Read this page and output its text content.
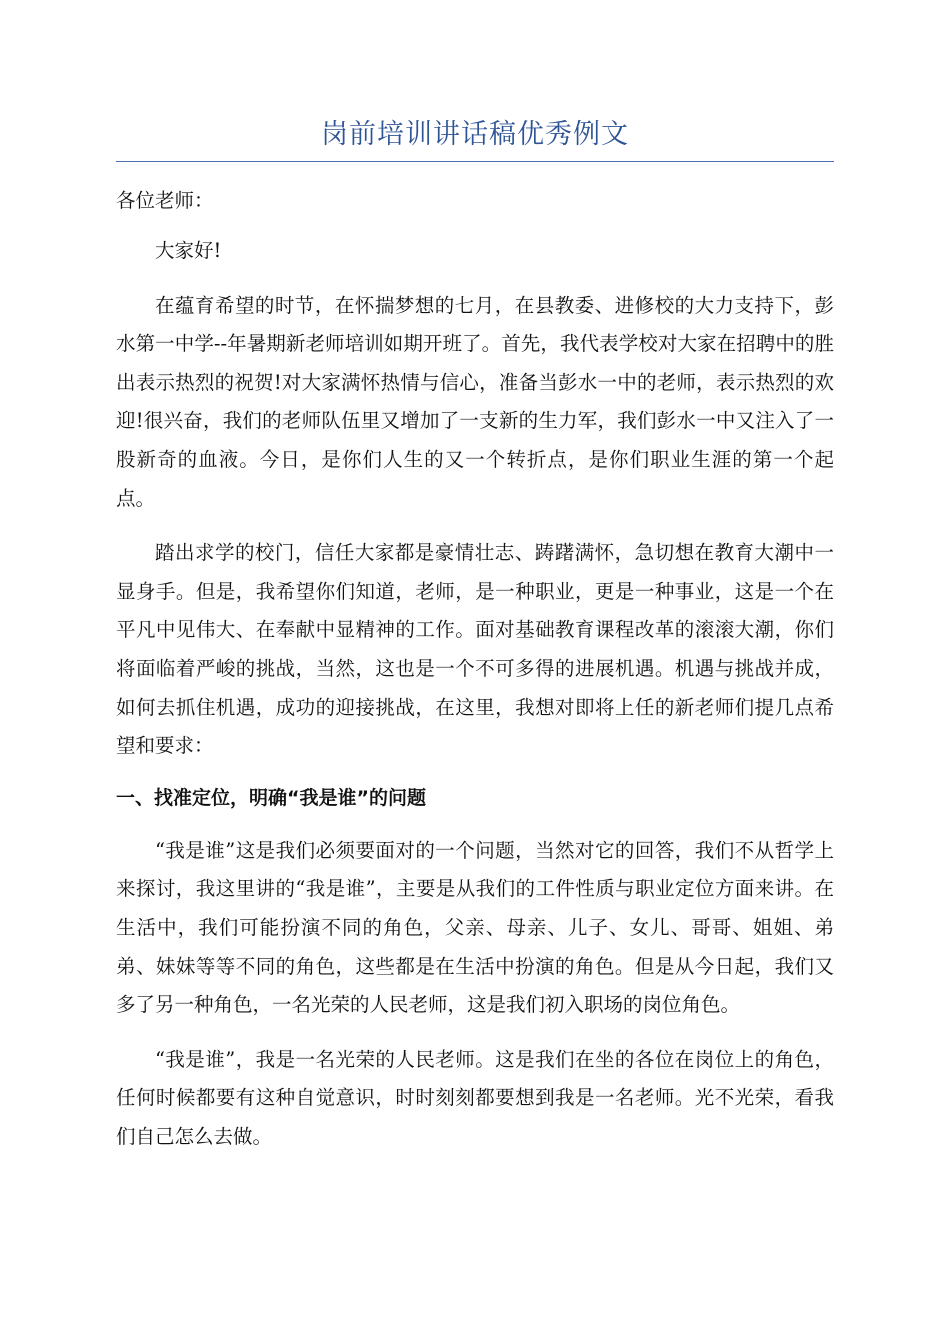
岗前培训讲话稿优秀例文

各位老师：

大家好!

在蕴育希望的时节，在怀揣梦想的七月，在县教委、进修校的大力支持下，彭水第一中学--年暑期新老师培训如期开班了。首先，我代表学校对大家在招聘中的胜出表示热烈的祝贺!对大家满怀热情与信心，准备当彭水一中的老师，表示热烈的欢迎!很兴奋，我们的老师队伍里又增加了一支新的生力军，我们彭水一中又注入了一股新奇的血液。今日，是你们人生的又一个转折点，是你们职业生涯的第一个起点。

踏出求学的校门，信任大家都是豪情壮志、踌躇满怀，急切想在教育大潮中一显身手。但是，我希望你们知道，老师，是一种职业，更是一种事业，这是一个在平凡中见伟大、在奉献中显精神的工作。面对基础教育课程改革的滚滚大潮，你们将面临着严峻的挑战，当然，这也是一个不可多得的进展机遇。机遇与挑战并成，如何去抓住机遇，成功的迎接挑战，在这里，我想对即将上任的新老师们提几点希望和要求：

一、找准定位，明确“我是谁”的问题

“我是谁”这是我们必须要面对的一个问题，当然对它的回答，我们不从哲学上来探讨，我这里讲的“我是谁”，主要是从我们的工件性质与职业定位方面来讲。在生活中，我们可能扮演不同的角色，父亲、母亲、儿子、女儿、哥哥、姐姐、弟弟、妹妹等等不同的角色，这些都是在生活中扮演的角色。但是从今日起，我们又多了另一种角色，一名光荣的人民老师，这是我们初入职场的岗位角色。

“我是谁”，我是一名光荣的人民老师。这是我们在坐的各位在岗位上的角色，任何时候都要有这种自觉意识，时时刻刻都要想到我是一名老师。光不光荣，看我们自己怎么去做。
